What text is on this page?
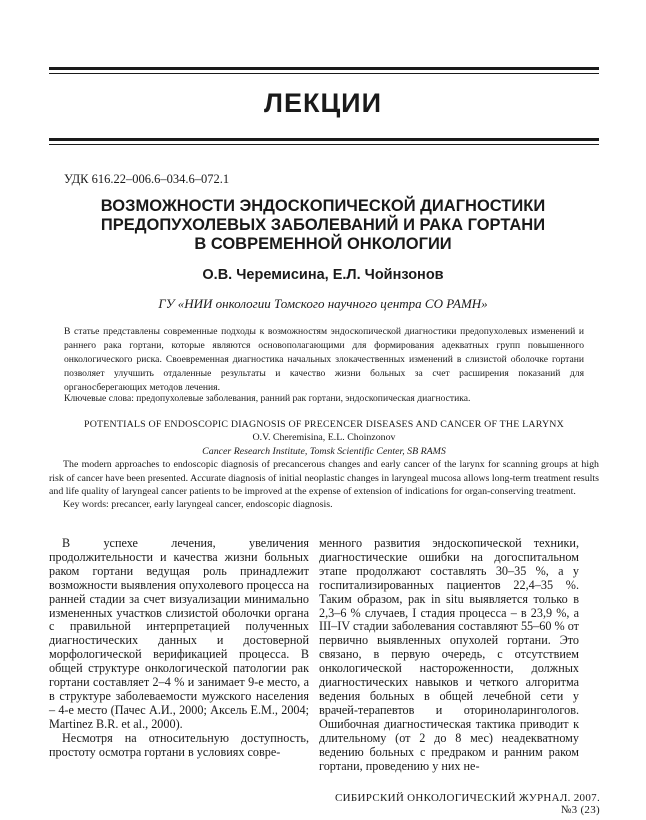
ЛЕКЦИИ
УДК 616.22–006.6–034.6–072.1
ВОЗМОЖНОСТИ ЭНДОСКОПИЧЕСКОЙ ДИАГНОСТИКИ
ПРЕДОПУХОЛЕВЫХ ЗАБОЛЕВАНИЙ И РАКА ГОРТАНИ
В СОВРЕМЕННОЙ ОНКОЛОГИИ
О.В. Черемисина, Е.Л. Чойнзонов
ГУ «НИИ онкологии Томского научного центра СО РАМН»

В статье представлены современные подходы к возможностям эндоскопической диагностики предопухолевых изменений и раннего рака гортани, которые являются основополагающими для формирования адекватных групп повышенного онкологического риска. Своевременная диагностика начальных злокачественных изменений в слизистой оболочке гортани позволяет улучшить отдаленные результаты и качество жизни больных за счет расширения показаний для органосберегающих методов лечения.

Ключевые слова: предопухолевые заболевания, ранний рак гортани, эндоскопическая диагностика.
POTENTIALS OF ENDOSCOPIC DIAGNOSIS OF PRECENCER DISEASES AND CANCER OF THE LARYNX
O.V. Cheremisina, E.L. Choinzonov
Cancer Research Institute, Tomsk Scientific Center, SB RAMS

The modern approaches to endoscopic diagnosis of precancerous changes and early cancer of the larynx for scanning groups at high risk of cancer have been presented. Accurate diagnosis of initial neoplastic changes in laryngeal mucosa allows long-term treatment results and life quality of laryngeal cancer patients to be improved at the expense of extension of indications for organ-conserving treatment.

Key words: precancer, early laryngeal cancer, endoscopic diagnosis.

В успехе лечения, увеличения продолжительности и качества жизни больных раком гортани ведущая роль принадлежит возможности выявления опухолевого процесса на ранней стадии за счет визуализации минимально измененных участков слизистой оболочки органа с правильной интерпретацией полученных диагностических данных и достоверной морфологической верификацией процесса. В общей структуре онкологической патологии рак гортани составляет 2–4 % и занимает 9-е место, а в структуре заболеваемости мужского населения – 4-е место (Пачес А.И., 2000; Аксель Е.М., 2004; Martinez B.R. et al., 2000).

Несмотря на относительную доступность, простоту осмотра гортани в условиях совре-

менного развития эндоскопической техники, диагностические ошибки на догоспитальном этапе продолжают составлять 30–35 %, а у госпитализированных пациентов 22,4–35 %. Таким образом, рак in situ выявляется только в 2,3–6 % случаев, I стадия процесса – в 23,9 %, а III–IV стадии заболевания составляют 55–60 % от первично выявленных опухолей гортани. Это связано, в первую очередь, с отсутствием онкологической настороженности, должных диагностических навыков и четкого алгоритма ведения больных в общей лечебной сети у врачей-терапевтов и оториноларингологов. Ошибочная диагностическая тактика приводит к длительному (от 2 до 8 мес) неадекватному ведению больных с предраком и ранним раком гортани, проведению у них не-

СИБИРСКИЙ ОНКОЛОГИЧЕСКИЙ ЖУРНАЛ. 2007. №3 (23)
